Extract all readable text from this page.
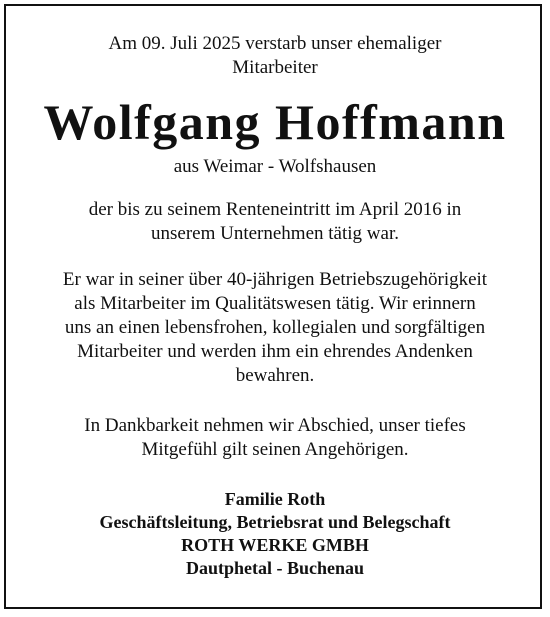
Am 09. Juli 2025 verstarb unser ehemaliger
Mitarbeiter
Wolfgang Hoffmann
aus Weimar - Wolfshausen
der bis zu seinem Renteneintritt im April 2016 in
unserem Unternehmen tätig war.
Er war in seiner über 40-jährigen Betriebszugehörigkeit
als Mitarbeiter im Qualitätswesen tätig. Wir erinnern
uns an einen lebensfrohen, kollegialen und sorgfältigen
Mitarbeiter und werden ihm ein ehrendes Andenken
bewahren.
In Dankbarkeit nehmen wir Abschied, unser tiefes
Mitgefühl gilt seinen Angehörigen.
Familie Roth
Geschäftsleitung, Betriebsrat und Belegschaft
ROTH WERKE GMBH
Dautphetal - Buchenau
